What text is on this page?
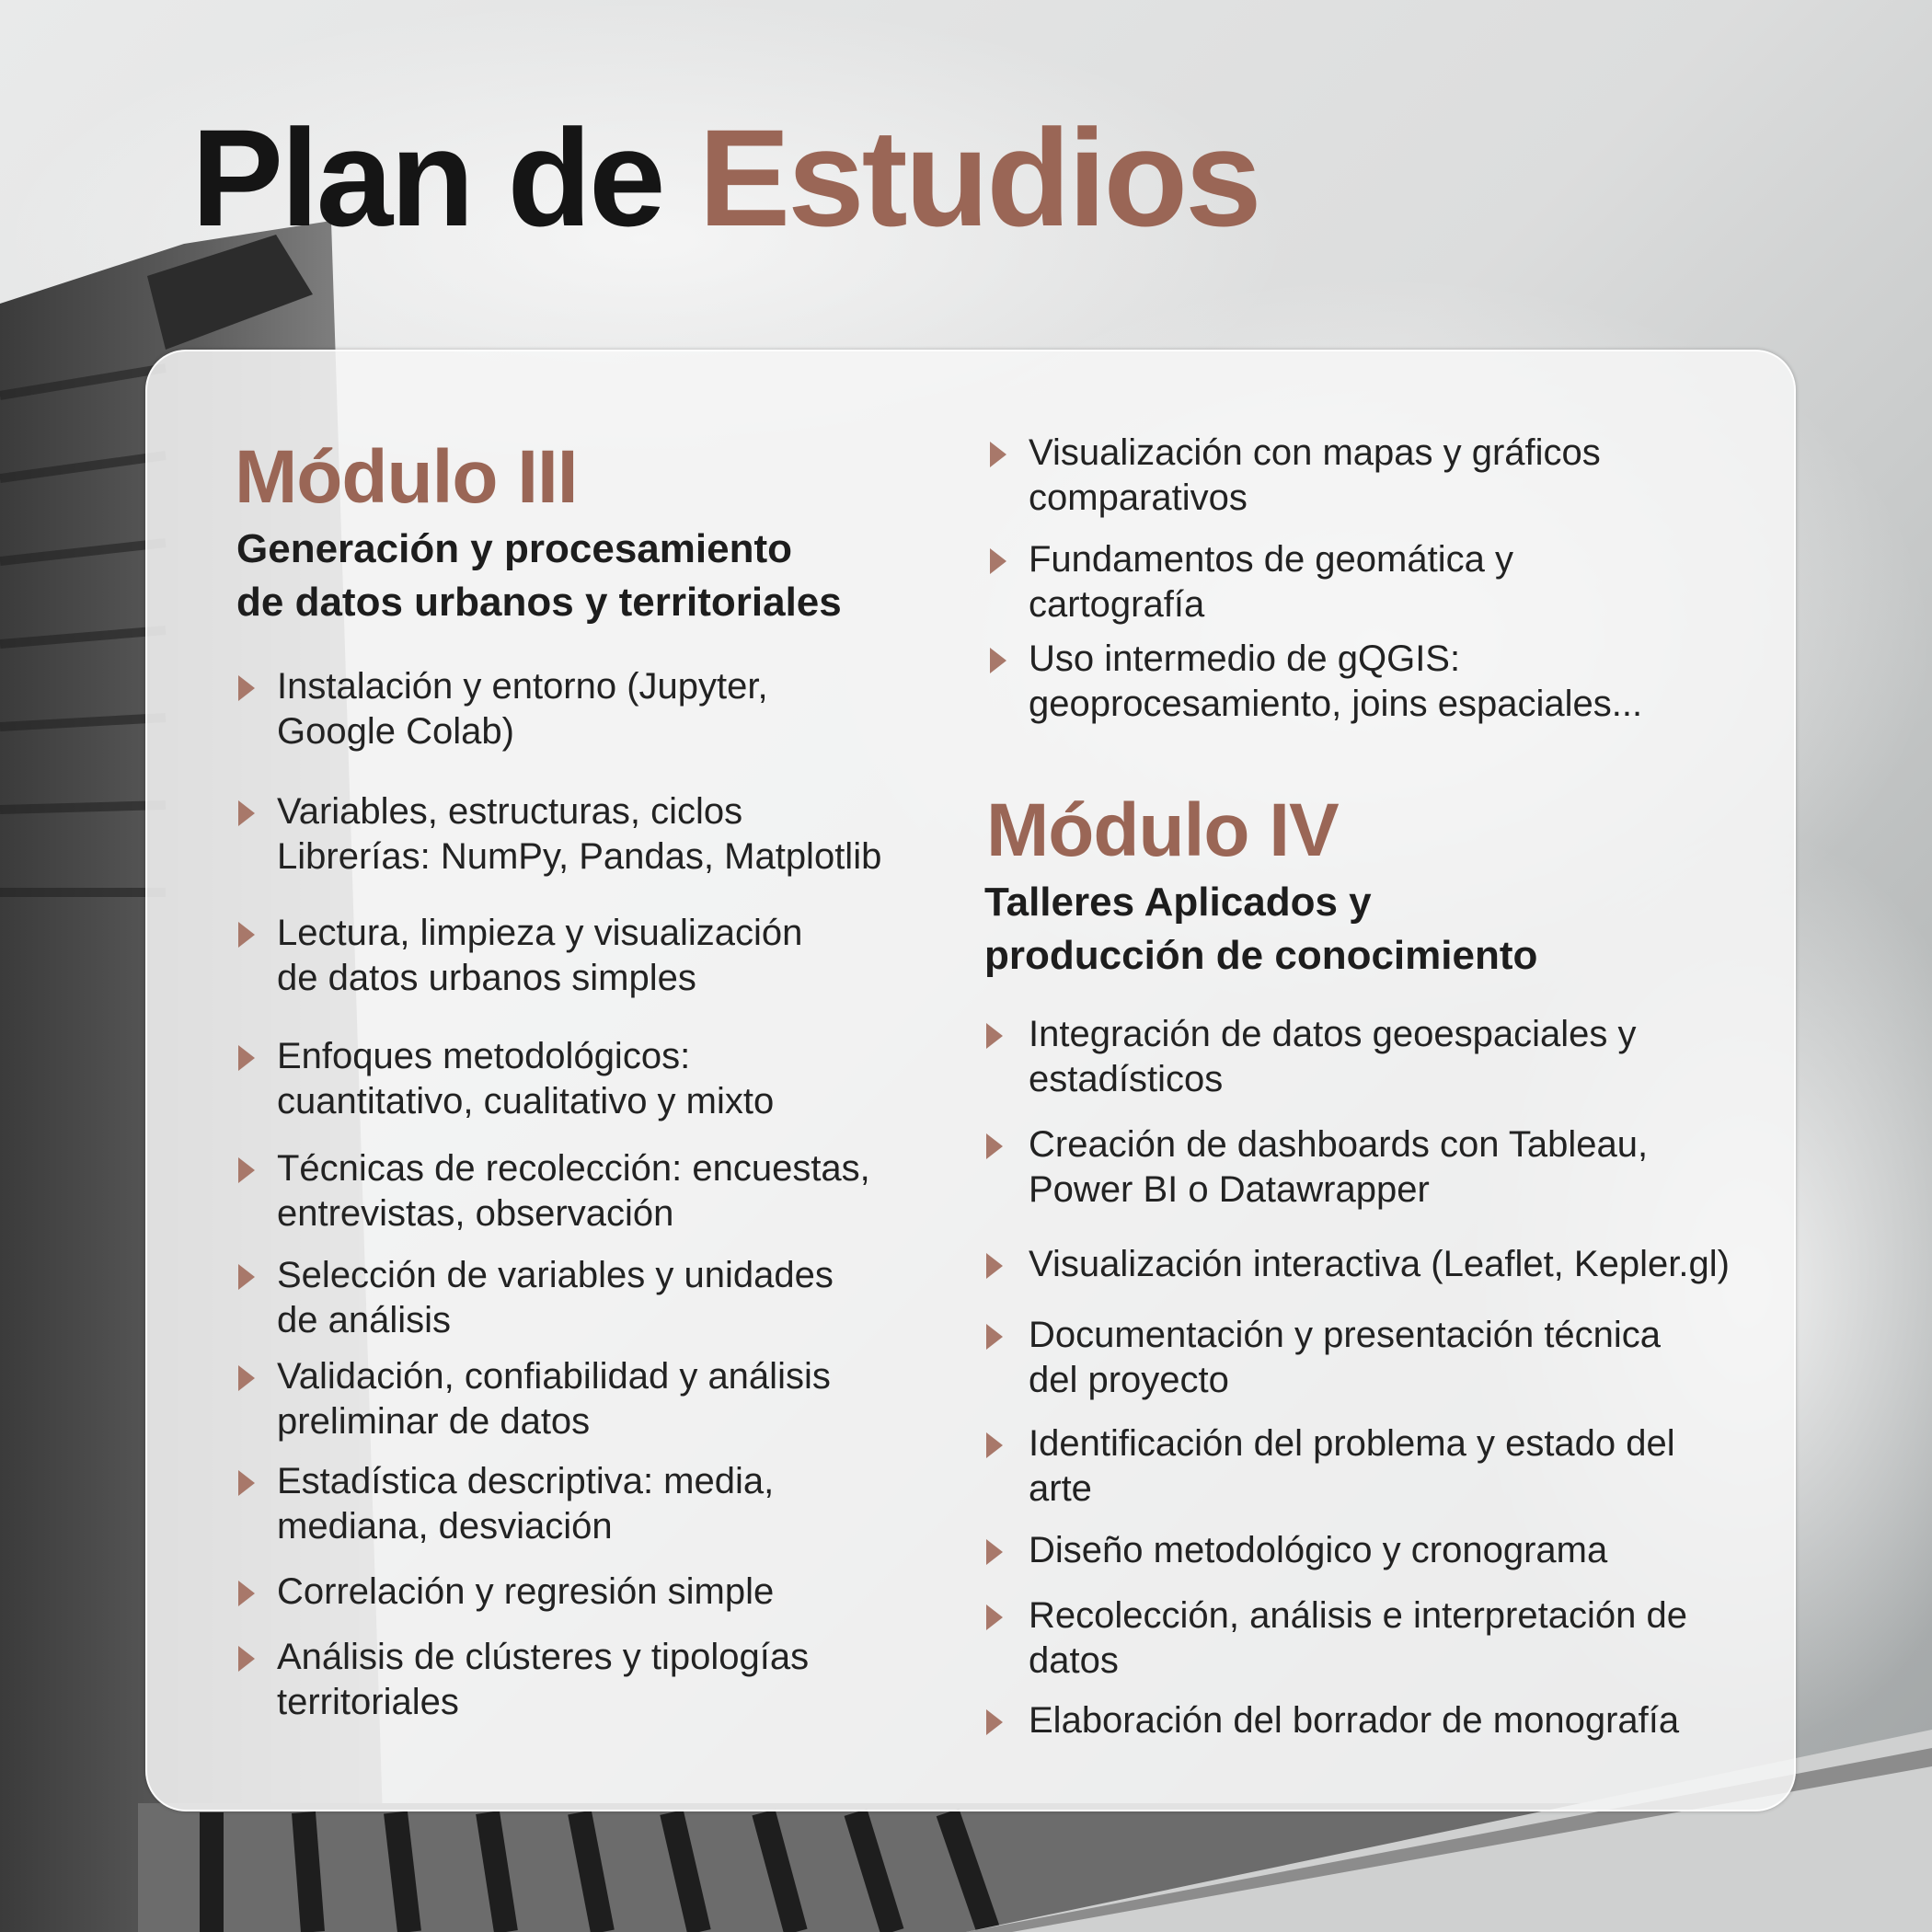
Plan de Estudios
Módulo III
Generación y procesamiento
de datos urbanos y territoriales
Instalación y entorno (Jupyter,
Google Colab)
Variables, estructuras, ciclos
Librerías: NumPy, Pandas, Matplotlib
Lectura, limpieza y visualización
de datos urbanos simples
Enfoques metodológicos:
cuantitativo, cualitativo y mixto
Técnicas de recolección: encuestas,
entrevistas, observación
Selección de variables y unidades
de análisis
Validación, confiabilidad y análisis
preliminar de datos
Estadística descriptiva: media,
mediana, desviación
Correlación y regresión simple
Análisis de clústeres y tipologías
territoriales
Visualización con mapas y gráficos
comparativos
Fundamentos de geomática y
cartografía
Uso intermedio de gQGIS:
geoprocesamiento, joins espaciales...
Módulo IV
Talleres Aplicados y
producción de conocimiento
Integración de datos geoespaciales y
estadísticos
Creación de dashboards con Tableau,
Power BI o Datawrapper
Visualización interactiva (Leaflet, Kepler.gl)
Documentación y presentación técnica
del proyecto
Identificación del problema y estado del
arte
Diseño metodológico y cronograma
Recolección, análisis e interpretación de
datos
Elaboración del borrador de monografía
